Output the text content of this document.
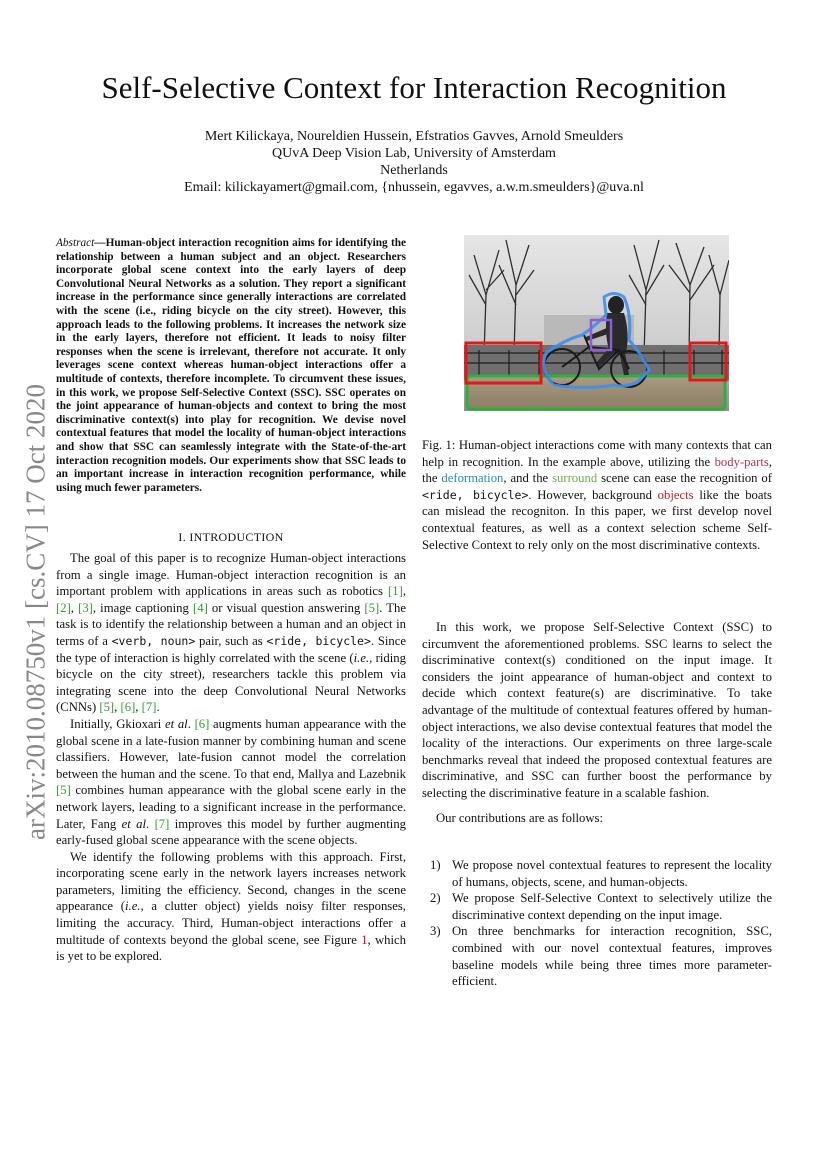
Self-Selective Context for Interaction Recognition
Mert Kilickaya, Noureldien Hussein, Efstratios Gavves, Arnold Smeulders
QUvA Deep Vision Lab, University of Amsterdam
Netherlands
Email: kilickayamert@gmail.com, {nhussein, egavves, a.w.m.smeulders}@uva.nl
arXiv:2010.08750v1 [cs.CV] 17 Oct 2020
Abstract—Human-object interaction recognition aims for identifying the relationship between a human subject and an object. Researchers incorporate global scene context into the early layers of deep Convolutional Neural Networks as a solution. They report a significant increase in the performance since generally interactions are correlated with the scene (i.e., riding bicycle on the city street). However, this approach leads to the following problems. It increases the network size in the early layers, therefore not efficient. It leads to noisy filter responses when the scene is irrelevant, therefore not accurate. It only leverages scene context whereas human-object interactions offer a multitude of contexts, therefore incomplete. To circumvent these issues, in this work, we propose Self-Selective Context (SSC). SSC operates on the joint appearance of human-objects and context to bring the most discriminative context(s) into play for recognition. We devise novel contextual features that model the locality of human-object interactions and show that SSC can seamlessly integrate with the State-of-the-art interaction recognition models. Our experiments show that SSC leads to an important increase in interaction recognition performance, while using much fewer parameters.
I. INTRODUCTION

The goal of this paper is to recognize Human-object interactions from a single image. Human-object interaction recognition is an important problem with applications in areas such as robotics [1], [2], [3], image captioning [4] or visual question answering [5]. The task is to identify the relationship between a human and an object in terms of a <verb, noun> pair, such as <ride, bicycle>. Since the type of interaction is highly correlated with the scene (i.e., riding bicycle on the city street), researchers tackle this problem via integrating scene into the deep Convolutional Neural Networks (CNNs) [5], [6], [7].

Initially, Gkioxari et al. [6] augments human appearance with the global scene in a late-fusion manner by combining human and scene classifiers. However, late-fusion cannot model the correlation between the human and the scene. To that end, Mallya and Lazebnik [5] combines human appearance with the global scene early in the network layers, leading to a significant increase in the performance. Later, Fang et al. [7] improves this model by further augmenting early-fused global scene appearance with the scene objects.

We identify the following problems with this approach. First, incorporating scene early in the network layers increases network parameters, limiting the efficiency. Second, changes in the scene appearance (i.e., a clutter object) yields noisy filter responses, limiting the accuracy. Third, Human-object interactions offer a multitude of contexts beyond the global scene, see Figure 1, which is yet to be explored.

Fig. 1: Human-object interactions come with many contexts that can help in recognition. In the example above, utilizing the body-parts, the deformation, and the surround scene can ease the recognition of <ride, bicycle>. However, background objects like the boats can mislead the recogniton. In this paper, we first develop novel contextual features, as well as a context selection scheme Self-Selective Context to rely only on the most discriminative contexts.

In this work, we propose Self-Selective Context (SSC) to circumvent the aforementioned problems. SSC learns to select the discriminative context(s) conditioned on the input image. It considers the joint appearance of human-object and context to decide which context feature(s) are discriminative. To take advantage of the multitude of contextual features offered by human-object interactions, we also devise contextual features that model the locality of the interactions. Our experiments on three large-scale benchmarks reveal that indeed the proposed contextual features are discriminative, and SSC can further boost the performance by selecting the discriminative feature in a scalable fashion.

Our contributions are as follows:

1) We propose novel contextual features to represent the locality of humans, objects, scene, and human-objects.
2) We propose Self-Selective Context to selectively utilize the discriminative context depending on the input image.
3) On three benchmarks for interaction recognition, SSC, combined with our novel contextual features, improves baseline models while being three times more parameter-efficient.
